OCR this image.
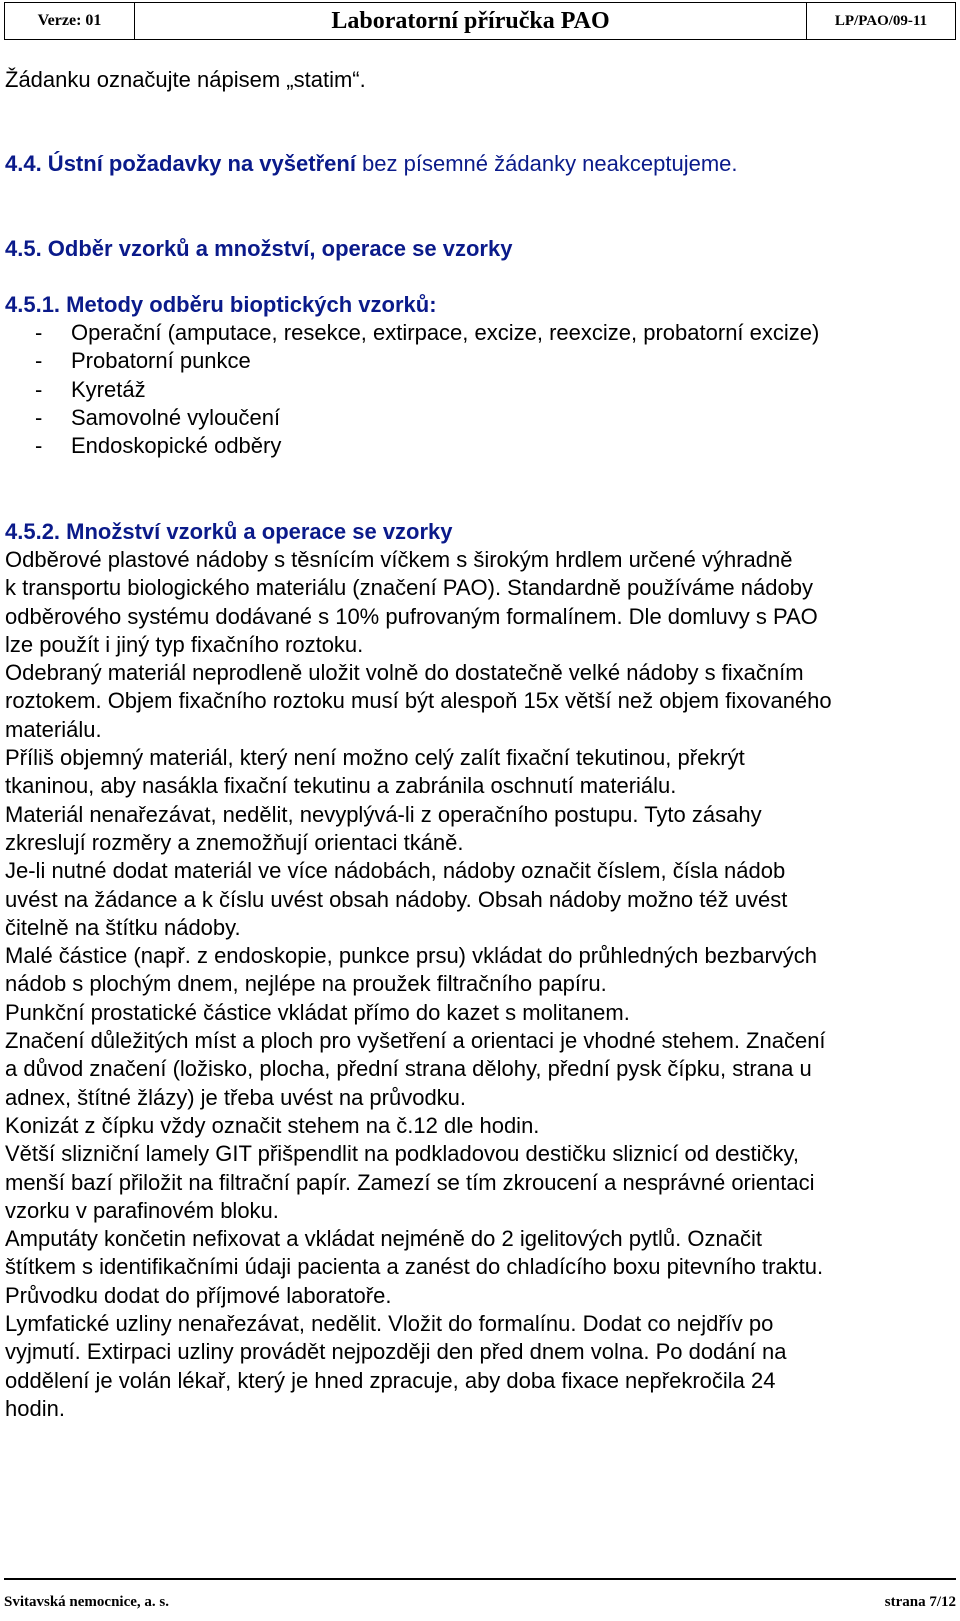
Verze: 01	Laboratorní příručka PAO	LP/PAO/09-11

Žádanku označujte nápisem „statim“.

4.4. Ústní požadavky na vyšetření bez písemné žádanky neakceptujeme.

4.5. Odběr vzorků a množství, operace se vzorky

4.5.1. Metody odběru bioptických vzorků:

-	Operační (amputace, resekce, extirpace, excize, reexcize, probatorní excize)
-	Probatorní punkce
-	Kyretáž
-	Samovolné vyloučení
-	Endoskopické odběry

4.5.2. Množství vzorků a operace se vzorky

Odběrové plastové nádoby s těsnícím víčkem s širokým hrdlem určené výhradně
k transportu biologického materiálu (značení PAO). Standardně používáme nádoby
odběrového systému dodávané s 10% pufrovaným formalínem. Dle domluvy s PAO
lze použít i jiný typ fixačního roztoku.
Odebraný materiál neprodleně uložit volně do dostatečně velké nádoby s fixačním
roztokem. Objem fixačního roztoku musí být alespoň 15x větší než objem fixovaného
materiálu.
Příliš objemný materiál, který není možno celý zalít fixační tekutinou, překrýt
tkaninou, aby nasákla fixační tekutinu a zabránila oschnutí materiálu.
Materiál nenařezávat, nedělit, nevyplývá-li z operačního postupu. Tyto zásahy
zkreslují rozměry a znemožňují orientaci tkáně.
Je-li nutné dodat materiál ve více nádobách, nádoby označit číslem, čísla nádob
uvést na žádance a k číslu uvést obsah nádoby. Obsah nádoby možno též uvést
čitelně na štítku nádoby.
Malé částice (např. z endoskopie, punkce prsu) vkládat do průhledných bezbarvých
nádob s plochým dnem, nejlépe na proužek filtračního papíru.
Punkční prostatické částice vkládat přímo do kazet s molitanem.
Značení důležitých míst a ploch pro vyšetření a orientaci je vhodné stehem. Značení
a důvod značení (ložisko, plocha, přední strana dělohy, přední pysk čípku, strana u
adnex, štítné žlázy) je třeba uvést na průvodku.
Konizát z čípku vždy označit stehem na č.12 dle hodin.
Větší slizniční lamely GIT přišpendlit na podkladovou destičku sliznicí od destičky,
menší bazí přiložit na filtrační papír. Zamezí se tím zkroucení a nesprávné orientaci
vzorku v parafinovém bloku.
Amputáty končetin nefixovat a vkládat nejméně do 2 igelitových pytlů. Označit
štítkem s identifikačními údaji pacienta a zanést do chladícího boxu pitevního traktu.
Průvodku dodat do příjmové laboratoře.
Lymfatické uzliny nenařezávat, nedělit. Vložit do formalínu. Dodat co nejdřív po
vyjmutí. Extirpaci uzliny provádět nejpozději den před dnem volna. Po dodání na
oddělení je volán lékař, který je hned zpracuje, aby doba fixace nepřekročila 24
hodin.
Svitavská nemocnice, a. s.	strana 7/12
